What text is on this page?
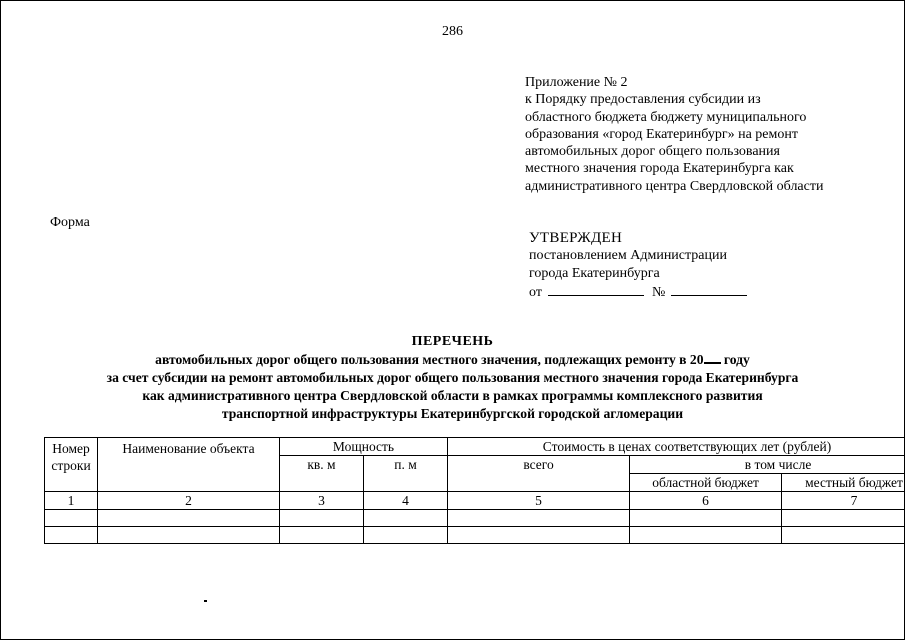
286
Приложение № 2
к Порядку предоставления субсидии из
областного бюджета бюджету муниципального
образования «город Екатеринбург» на ремонт
автомобильных дорог общего пользования
местного значения города Екатеринбурга как
административного центра Свердловской области
Форма
УТВЕРЖДЕН
постановлением Администрации
города Екатеринбурга
от	№
ПЕРЕЧЕНЬ
автомобильных дорог общего пользования местного значения, подлежащих ремонту в 20 году
за счет субсидии на ремонт автомобильных дорог общего пользования местного значения города Екатеринбурга
как административного центра Свердловской области в рамках программы комплексного развития
транспортной инфраструктуры Екатеринбургской городской агломерации
Номер строки	Наименование объекта	Мощность		Стоимость в ценах соответствующих лет (рублей)		
		кв. м	п. м	всего	в том числе	
					областной бюджет	местный бюджет
1	2	3	4	5	6	7
